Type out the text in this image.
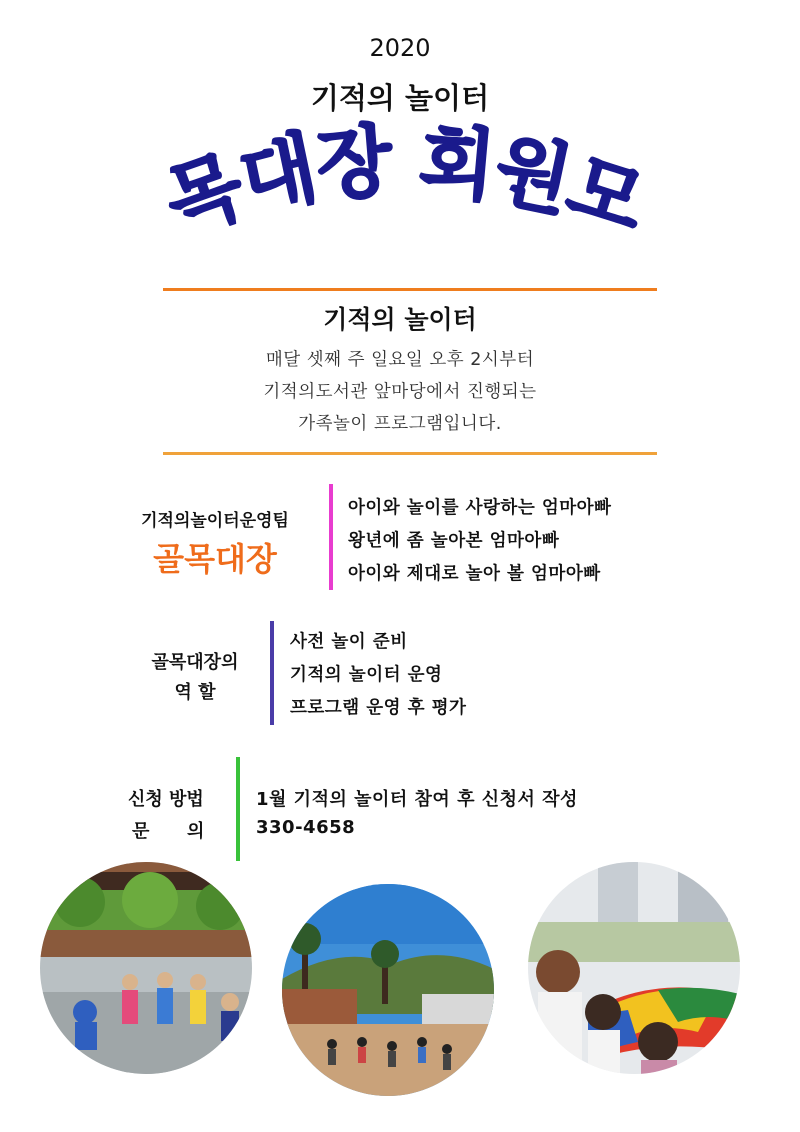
2020
기적의 놀이터
목대장 회원모
기적의 놀이터
매달 셋째 주 일요일 오후 2시부터
기적의도서관 앞마당에서 진행되는
가족놀이 프로그램입니다.
기적의놀이터운영팀
골목대장
아이와 놀이를 사랑하는 엄마아빠
왕년에 좀 놀아본 엄마아빠
아이와 제대로 놀아 볼 엄마아빠
골목대장의
역 할
사전 놀이 준비
기적의 놀이터 운영
프로그램 운영 후 평가
신청 방법
문      의
1월 기적의 놀이터 참여 후 신청서 작성
330-4658
